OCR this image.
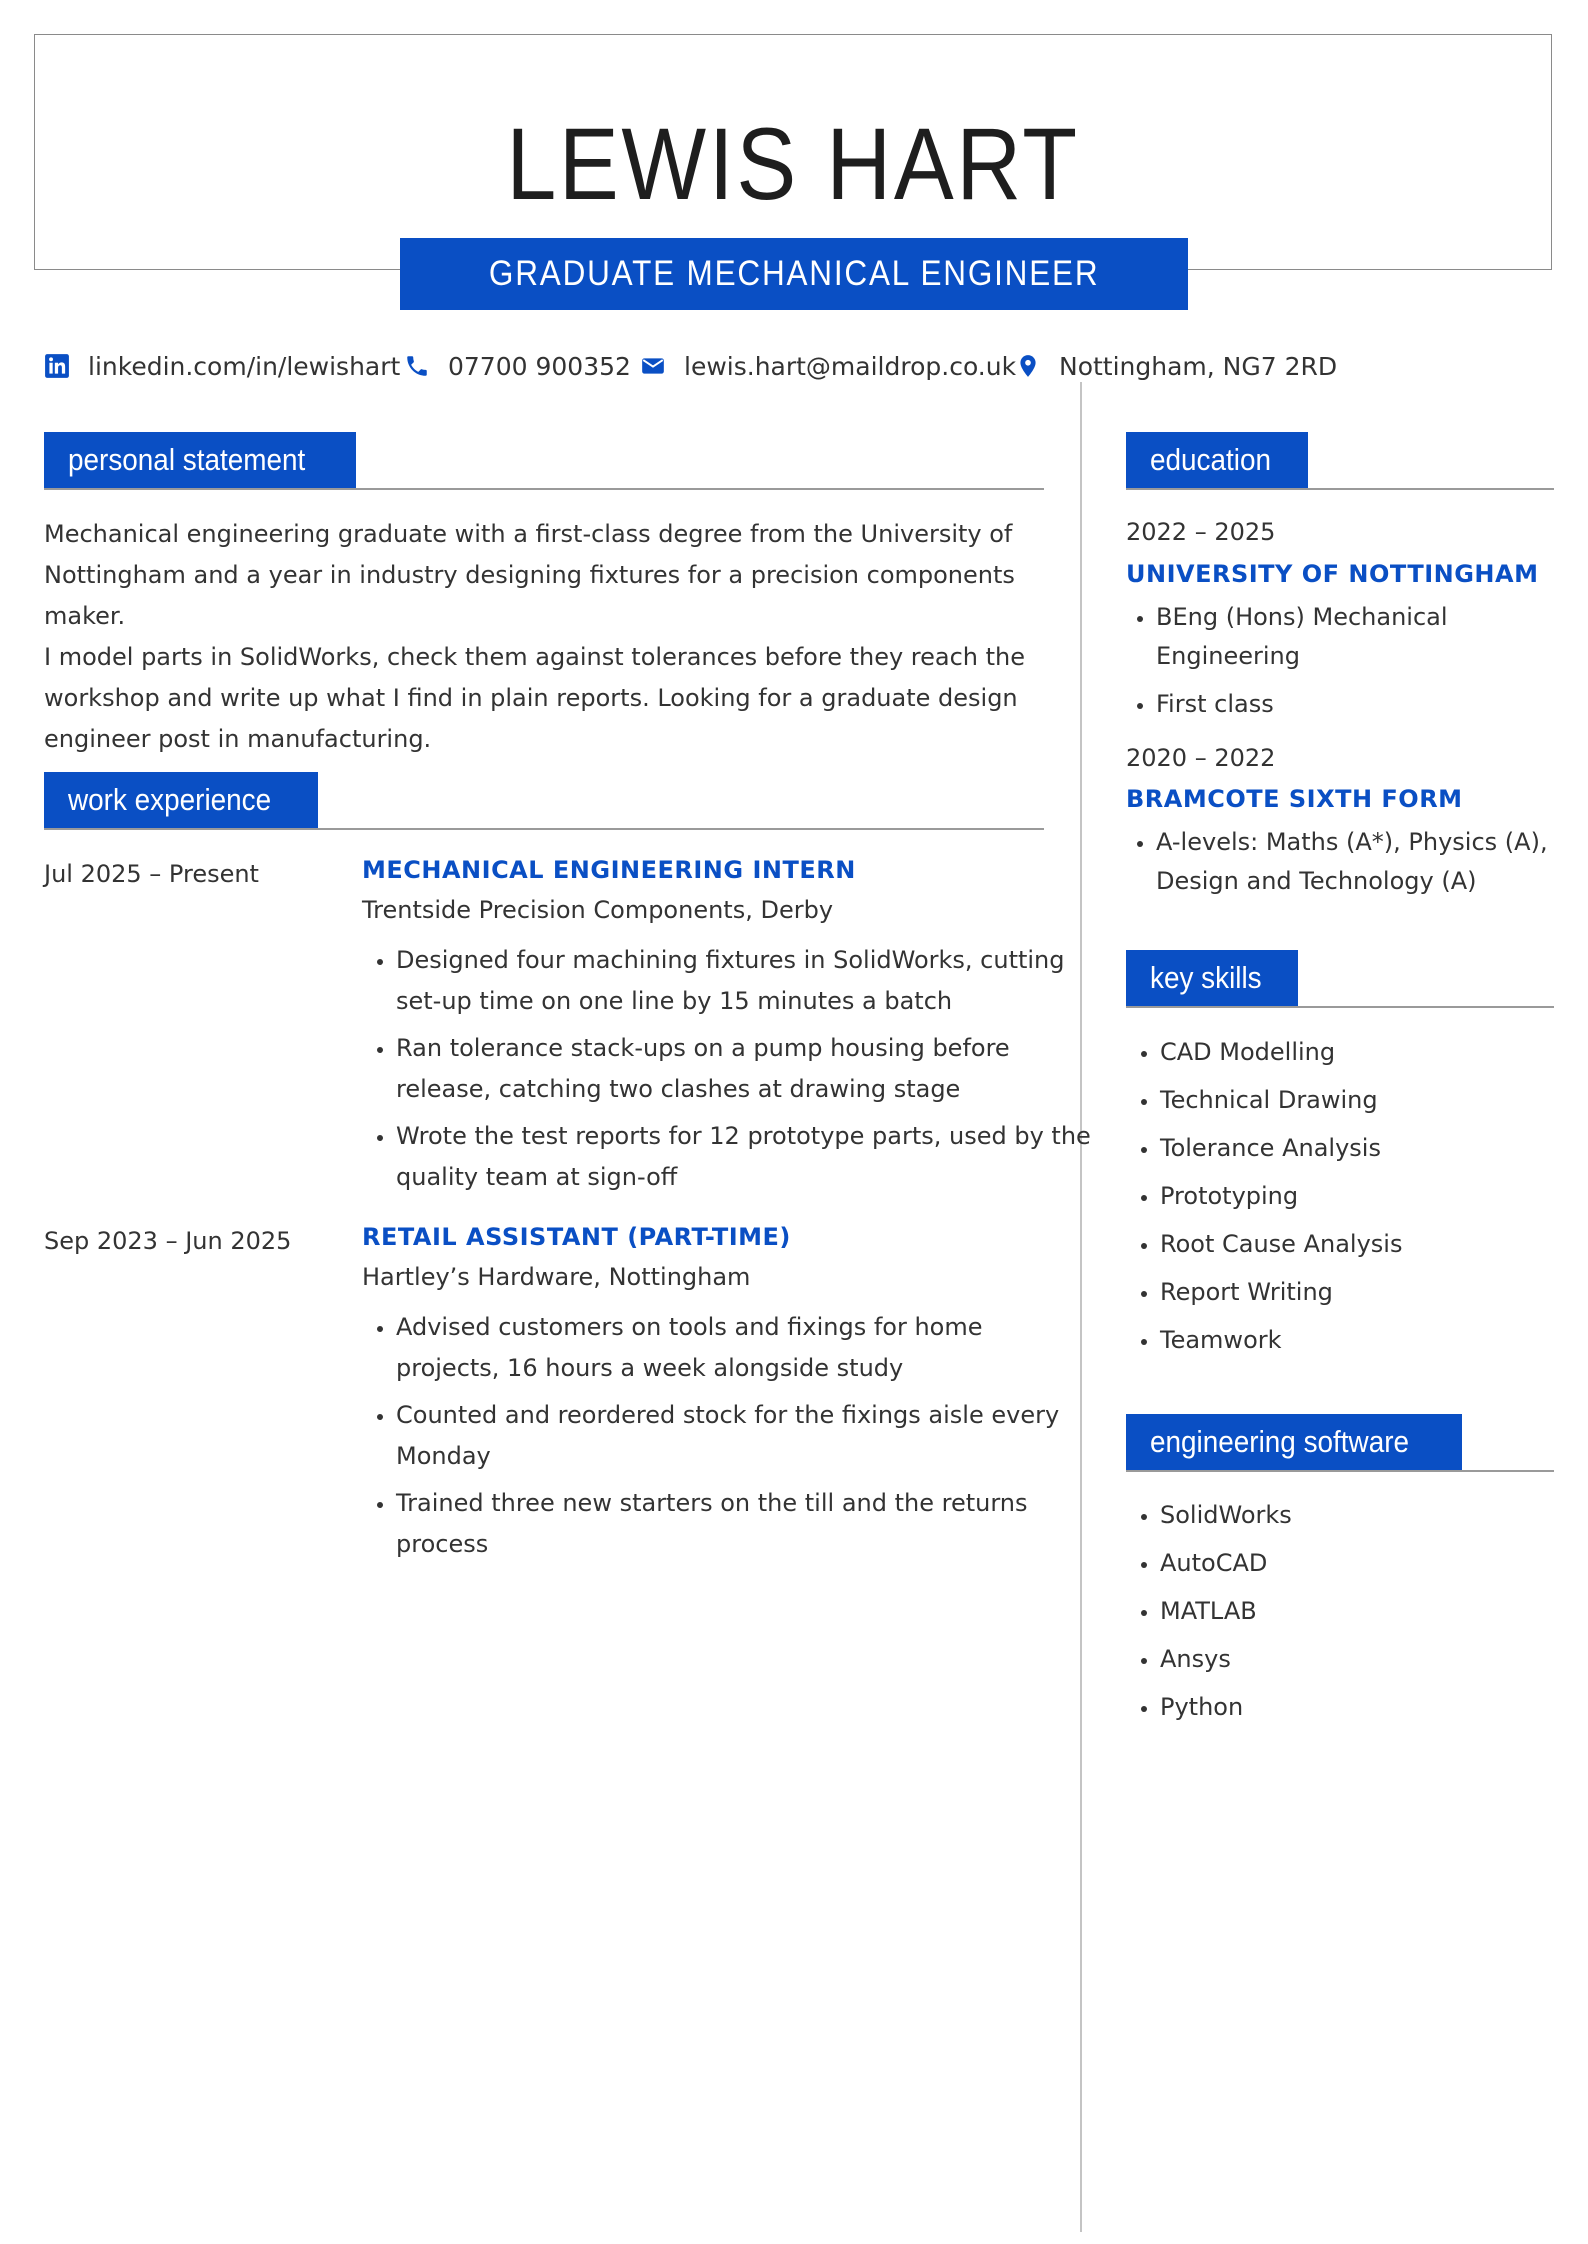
LEWIS HART
GRADUATE MECHANICAL ENGINEER
linkedin.com/in/lewishart 07700 900352 lewis.hart@maildrop.co.uk Nottingham, NG7 2RD
personal statement
Mechanical engineering graduate with a first-class degree from the University of
Nottingham and a year in industry designing fixtures for a precision components maker.
I model parts in SolidWorks, check them against tolerances before they reach the
workshop and write up what I find in plain reports. Looking for a graduate design
engineer post in manufacturing.
work experience
Jul 2025 – Present	MECHANICAL ENGINEERING INTERN
Trentside Precision Components, Derby
• Designed four machining fixtures in SolidWorks, cutting
set-up time on one line by 15 minutes a batch
• Ran tolerance stack-ups on a pump housing before
release, catching two clashes at drawing stage
• Wrote the test reports for 12 prototype parts, used by the
quality team at sign-off
Sep 2023 – Jun 2025	RETAIL ASSISTANT (PART-TIME)
Hartley’s Hardware, Nottingham
• Advised customers on tools and fixings for home
projects, 16 hours a week alongside study
• Counted and reordered stock for the fixings aisle every
Monday
• Trained three new starters on the till and the returns
process
education
2022 – 2025
UNIVERSITY OF NOTTINGHAM
• BEng (Hons) Mechanical
Engineering
• First class
2020 – 2022
BRAMCOTE SIXTH FORM
• A-levels: Maths (A*), Physics (A),
Design and Technology (A)
key skills
• CAD Modelling
• Technical Drawing
• Tolerance Analysis
• Prototyping
• Root Cause Analysis
• Report Writing
• Teamwork
engineering software
• SolidWorks
• AutoCAD
• MATLAB
• Ansys
• Python
